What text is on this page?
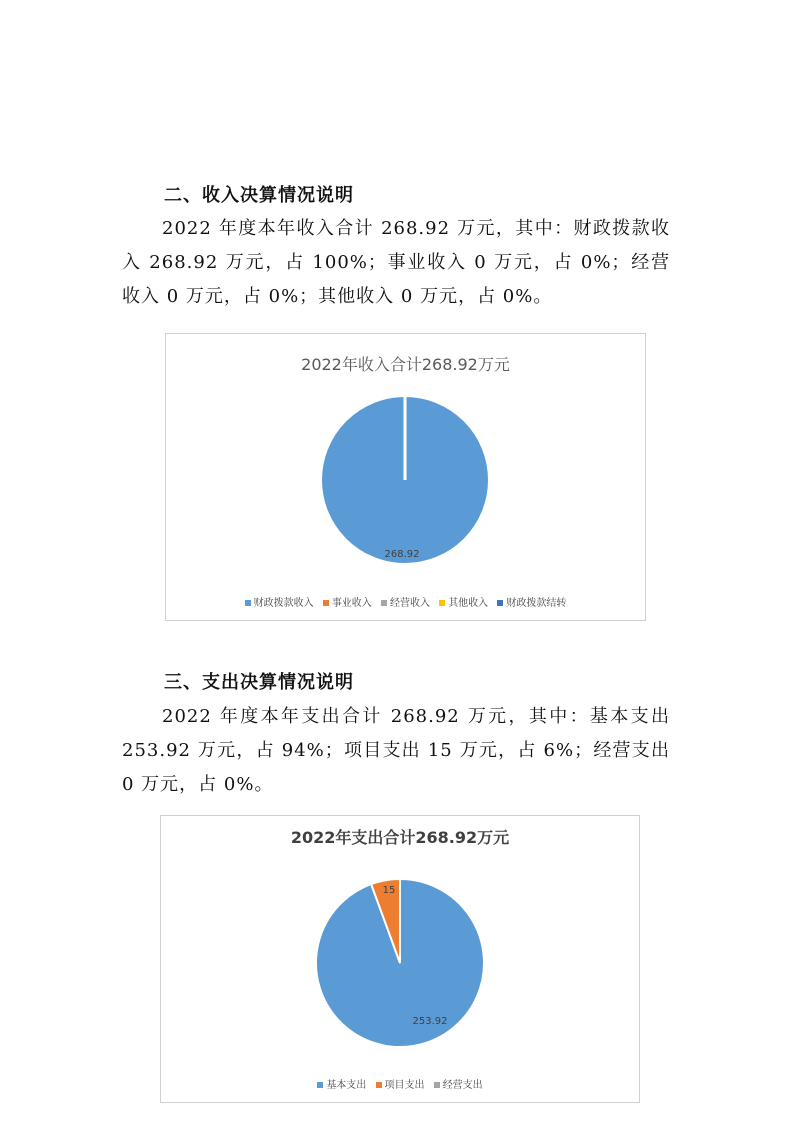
二、收入决算情况说明
2022 年度本年收入合计 268.92 万元，其中：财政拨款收入 268.92 万元，占 100%；事业收入 0 万元，占 0%；经营收入 0 万元，占 0%；其他收入 0 万元，占 0%。
2022年收入合计268.92万元
268.92
财政拨款收入 事业收入 经营收入 其他收入 财政拨款结转
三、支出决算情况说明
2022 年度本年支出合计 268.92 万元，其中：基本支出 253.92 万元，占 94%；项目支出 15 万元，占 6%；经营支出 0 万元，占 0%。
2022年支出合计268.92万元
253.92
15
基本支出 项目支出 经营支出
